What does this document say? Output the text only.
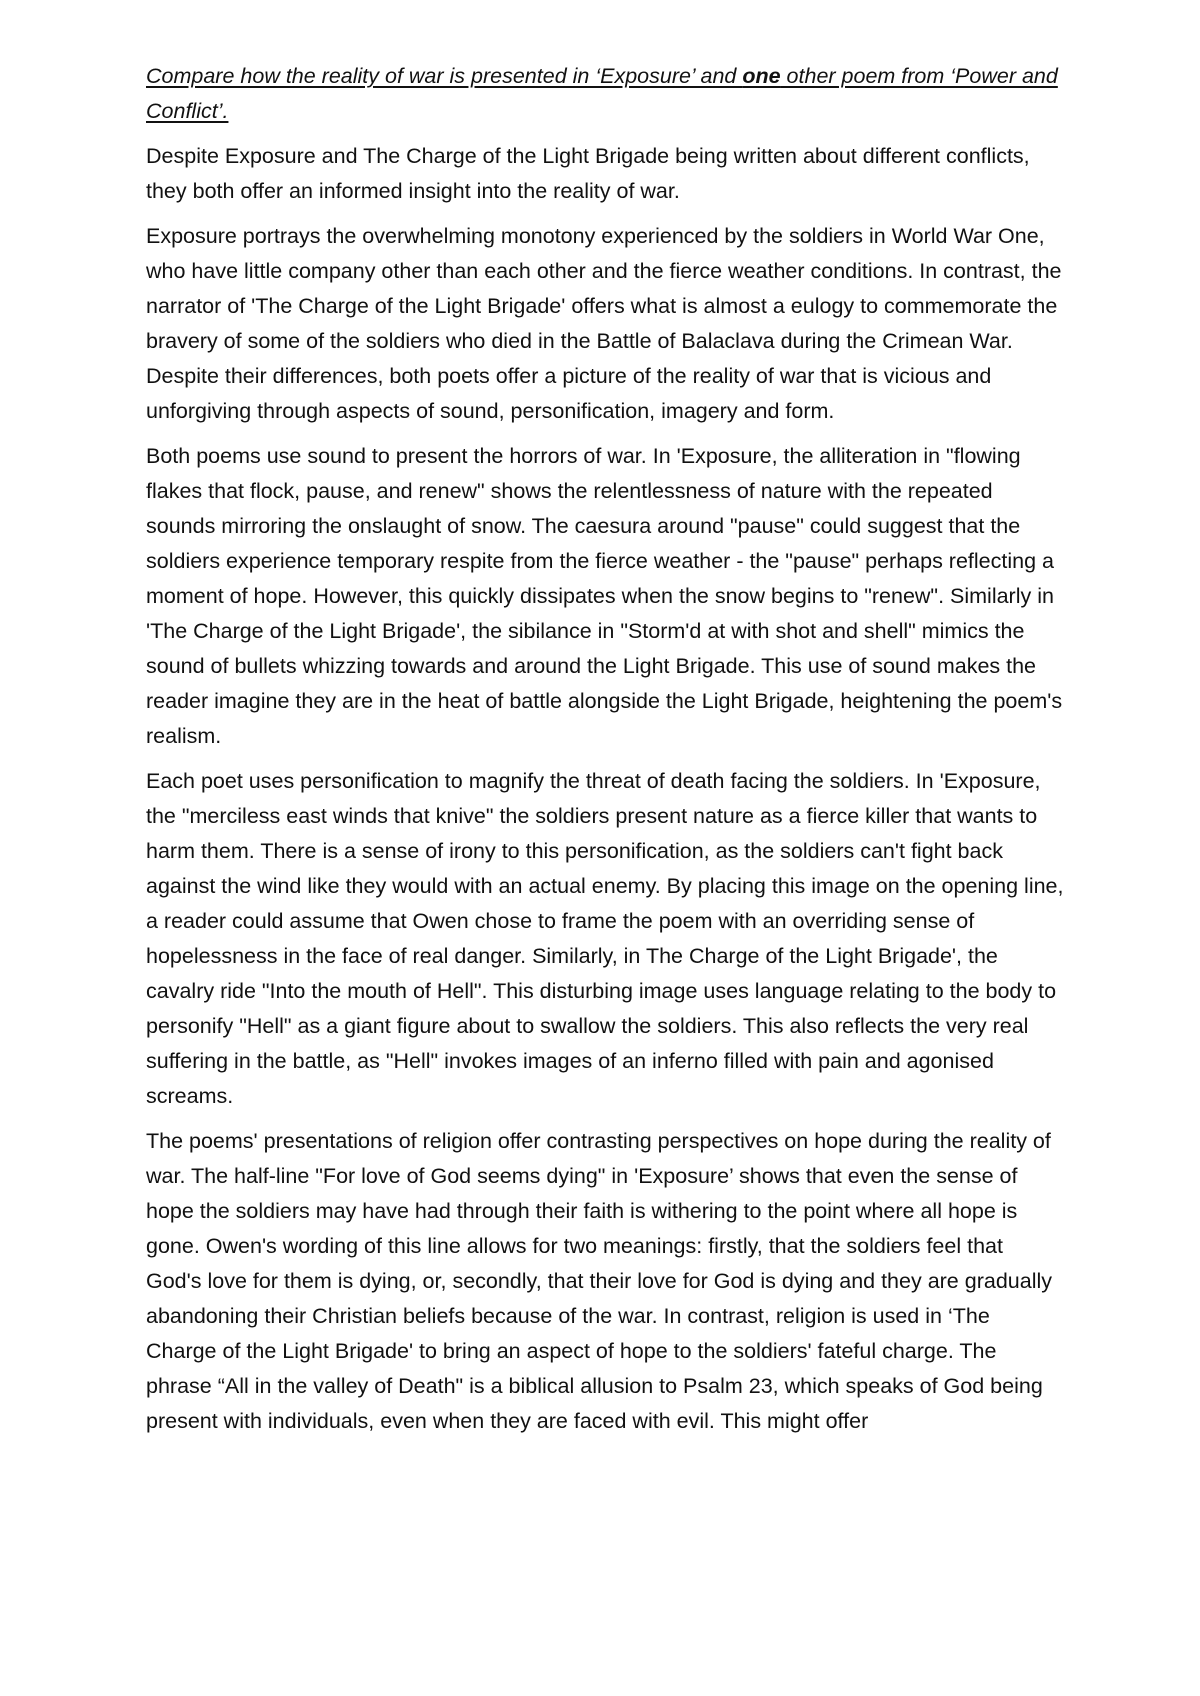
Compare how the reality of war is presented in ‘Exposure’ and one other poem from ‘Power and Conflict’.

Despite Exposure and The Charge of the Light Brigade being written about different conflicts, they both offer an informed insight into the reality of war.

Exposure portrays the overwhelming monotony experienced by the soldiers in World War One, who have little company other than each other and the fierce weather conditions. In contrast, the narrator of 'The Charge of the Light Brigade' offers what is almost a eulogy to commemorate the bravery of some of the soldiers who died in the Battle of Balaclava during the Crimean War. Despite their differences, both poets offer a picture of the reality of war that is vicious and unforgiving through aspects of sound, personification, imagery and form.

Both poems use sound to present the horrors of war. In 'Exposure, the alliteration in "flowing flakes that flock, pause, and renew" shows the relentlessness of nature with the repeated sounds mirroring the onslaught of snow. The caesura around "pause" could suggest that the soldiers experience temporary respite from the fierce weather - the "pause" perhaps reflecting a moment of hope. However, this quickly dissipates when the snow begins to "renew". Similarly in 'The Charge of the Light Brigade', the sibilance in "Storm'd at with shot and shell" mimics the sound of bullets whizzing towards and around the Light Brigade. This use of sound makes the reader imagine they are in the heat of battle alongside the Light Brigade, heightening the poem's realism.

Each poet uses personification to magnify the threat of death facing the soldiers. In 'Exposure, the "merciless east winds that knive" the soldiers present nature as a fierce killer that wants to harm them. There is a sense of irony to this personification, as the soldiers can't fight back against the wind like they would with an actual enemy. By placing this image on the opening line, a reader could assume that Owen chose to frame the poem with an overriding sense of hopelessness in the face of real danger. Similarly, in The Charge of the Light Brigade', the cavalry ride "Into the mouth of Hell". This disturbing image uses language relating to the body to personify "Hell" as a giant figure about to swallow the soldiers. This also reflects the very real suffering in the battle, as "Hell" invokes images of an inferno filled with pain and agonised screams.

The poems' presentations of religion offer contrasting perspectives on hope during the reality of war. The half-line "For love of God seems dying" in 'Exposure’ shows that even the sense of hope the soldiers may have had through their faith is withering to the point where all hope is gone. Owen's wording of this line allows for two meanings: firstly, that the soldiers feel that God's love for them is dying, or, secondly, that their love for God is dying and they are gradually abandoning their Christian beliefs because of the war. In contrast, religion is used in ‘The Charge of the Light Brigade' to bring an aspect of hope to the soldiers' fateful charge. The phrase “All in the valley of Death" is a biblical allusion to Psalm 23, which speaks of God being present with individuals, even when they are faced with evil. This might offer
